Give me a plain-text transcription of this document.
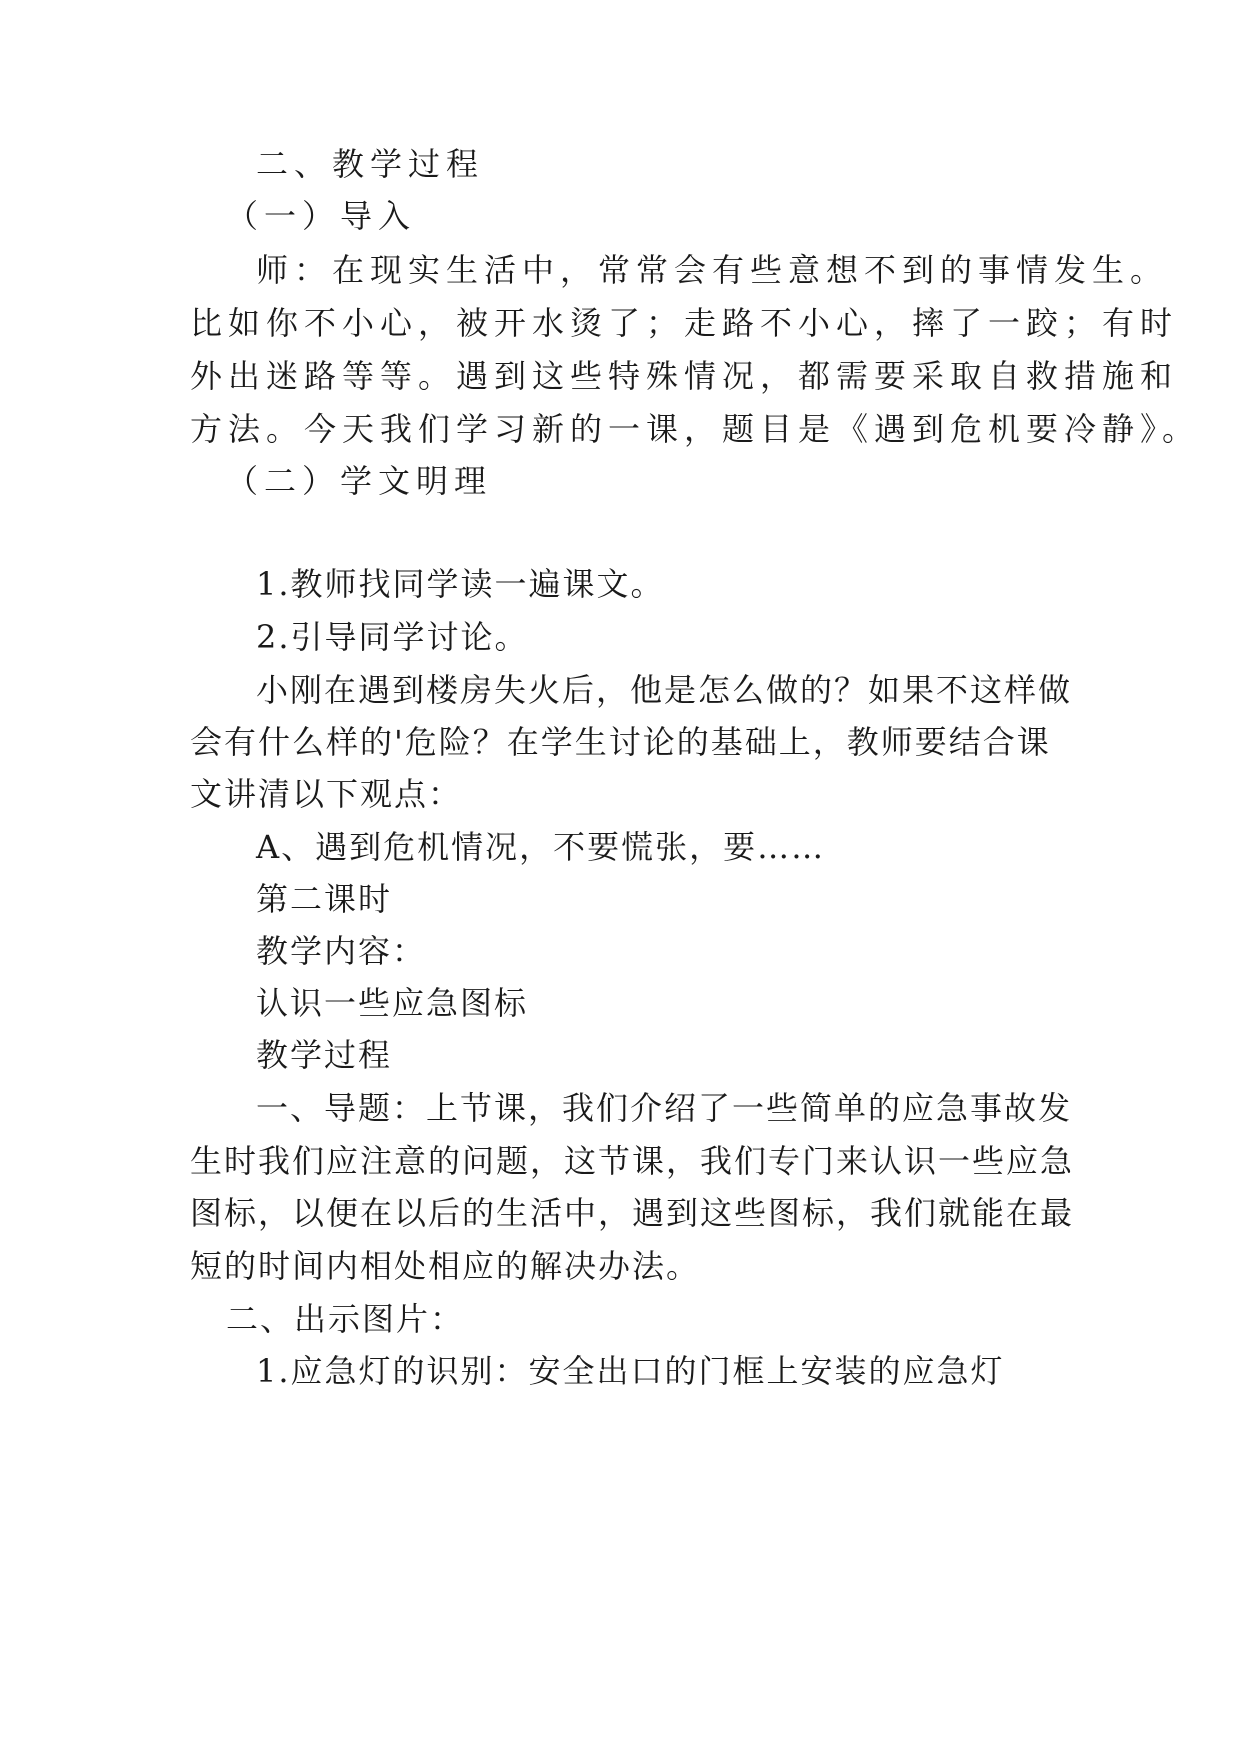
二、教学过程
（一）导入
师：在现实生活中，常常会有些意想不到的事情发生。
比如你不小心，被开水烫了；走路不小心，摔了一跤；有时
外出迷路等等。遇到这些特殊情况，都需要采取自救措施和
方法。今天我们学习新的一课，题目是《遇到危机要冷静》。
（二）学文明理
1.教师找同学读一遍课文。
2.引导同学讨论。
小刚在遇到楼房失火后，他是怎么做的？如果不这样做
会有什么样的'危险？在学生讨论的基础上，教师要结合课
文讲清以下观点：
A、遇到危机情况，不要慌张，要……
第二课时
教学内容：
认识一些应急图标
教学过程
一、导题：上节课，我们介绍了一些简单的应急事故发
生时我们应注意的问题，这节课，我们专门来认识一些应急
图标，以便在以后的生活中，遇到这些图标，我们就能在最
短的时间内相处相应的解决办法。
二、出示图片：
1.应急灯的识别：安全出口的门框上安装的应急灯
